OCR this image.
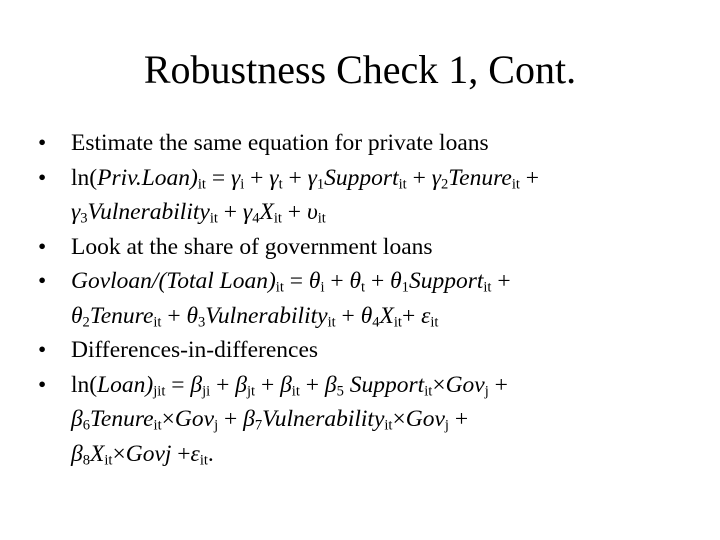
Robustness Check 1, Cont.
•	Estimate the same equation for private loans
•	$\ln(Priv.Loan)_{it} = \gamma_i + \gamma_t$ + $\gamma_1Support_{it}$ + $\gamma_2Tenure_{it}$ +
$\gamma_3Vulnerability_{it} + \gamma_4X_{it} + \upsilon_{it}$
•	Look at the share of government loans
•	Govloan/(Total $Loan)_{it} = \theta_i + \theta_t$ + $\theta_1Support_{it}$ +
$\theta_2Tenure_{it}$ + $\theta_3Vulnerability_{it} + \theta_4X_{it}+ \varepsilon_{it}$
•	Differences-in-differences
•	$\ln(Loan)_{jit} = \beta_{ji} + \beta_{jt} + \beta_{it} + \beta_5$ Support$_{it}$×Gov$_j$ +
$\beta_6Tenure_{it}\times Gov_j$ + $\beta_7Vulnerability_{it}\times Gov_j$ +
$\beta_8X_{it}\times Govj +\varepsilon_{it}$.
